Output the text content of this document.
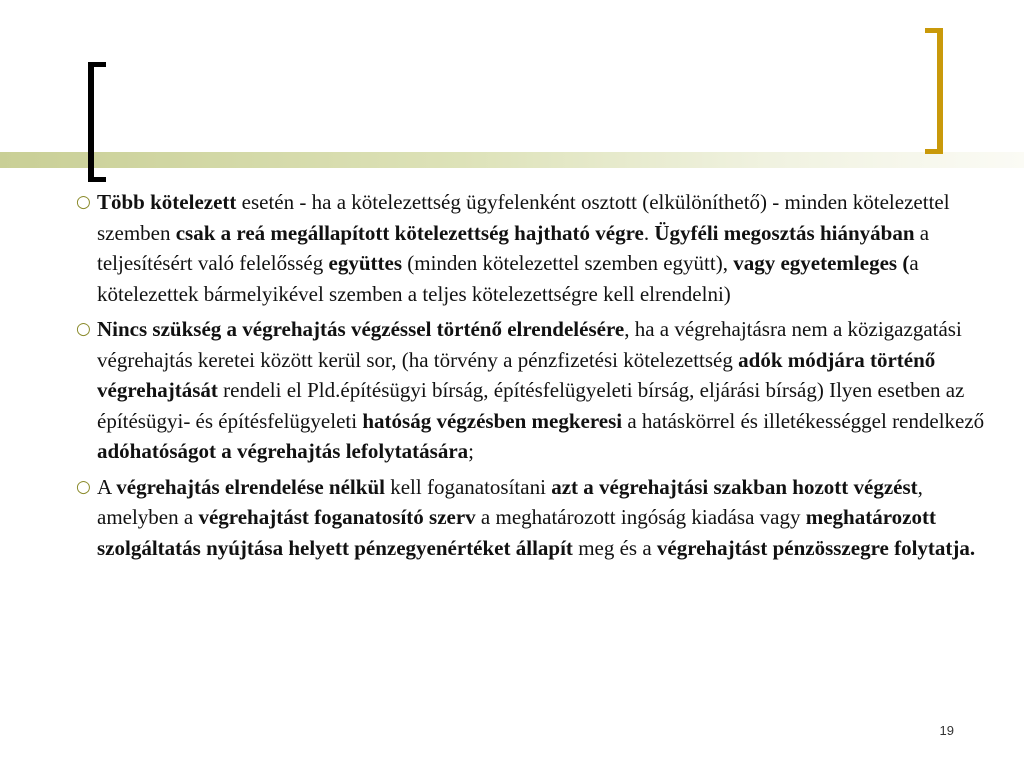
○ Több kötelezett esetén - ha a kötelezettség ügyfelenként osztott (elkülöníthető) - minden kötelezettel szemben csak a reá megállapított kötelezettség hajtható végre. Ügyféli megosztás hiányában a teljesítésért való felelősség együttes (minden kötelezettel szemben együtt), vagy egyetemleges (a kötelezettek bármelyikével szemben a teljes kötelezettségre kell elrendelni)
○ Nincs szükség a végrehajtás végzéssel történő elrendelésére, ha a végrehajtásra nem a közigazgatási végrehajtás keretei között kerül sor, (ha törvény a pénzfizetési kötelezettség adók módjára történő végrehajtását rendeli el Pld.építésügyi bírság, építésfelügyeleti bírság, eljárási bírság) Ilyen esetben az építésügyi- és építésfelügyeleti hatóság végzésben megkeresi a hatáskörrel és illetékességgel rendelkező adóhatóságot a végrehajtás lefolytatására;
○ A végrehajtás elrendelése nélkül kell foganatosítani azt a végrehajtási szakban hozott végzést, amelyben a végrehajtást foganatosító szerv a meghatározott ingóság kiadása vagy meghatározott szolgáltatás nyújtása helyett pénzegyenértéket állapít meg és a végrehajtást pénzösszegre folytatja.
19
